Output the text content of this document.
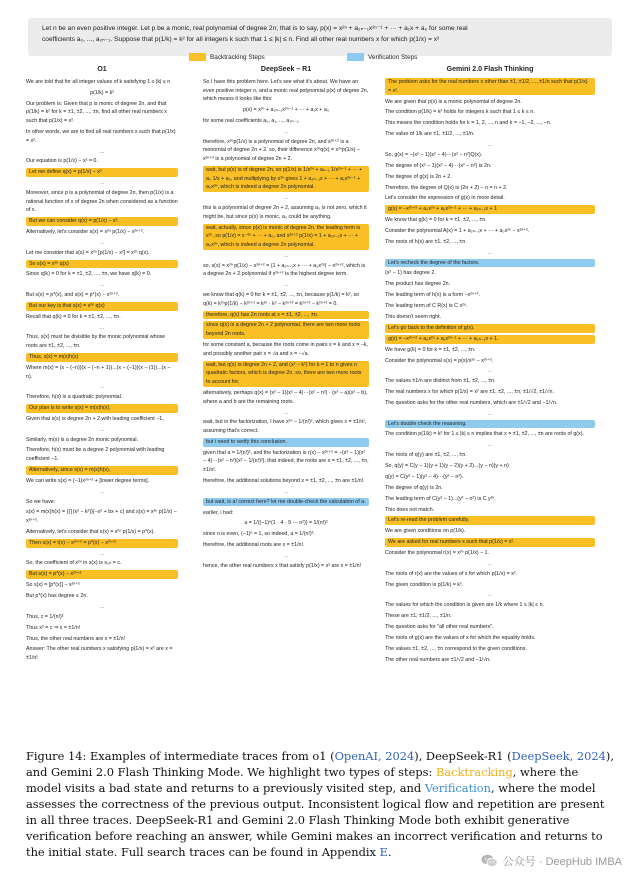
Let n be an even positive integer. Let p be a monic, real polynomial of degree 2n; that is to say, p(x) = x²ⁿ + a₂ₙ₋₁x²ⁿ⁻¹ + ··· + a₁x + a₀ for some real
coefficients a₀, ..., a₂ₙ₋₁. Suppose that p(1/k) = k² for all integers k such that 1 ≤ |k| ≤ n. Find all other real numbers x for which p(1/x) = x²
Backtracking Steps	Verification Steps
O1

We are told that for all integer values of k satisfying 1 ≤ |k| ≤ n

p(1/k) = k²

Our problem is: Given that p is monic of degree 2n, and that p(1/k) = k² for k = ±1, ±2, ..., ±n, find all other real numbers x such that p(1/x) = x².

In other words, we are to find all real numbers x such that p(1/x) = x².

...

Our equation is p(1/x) − x² = 0.

Let me define q(x) = p(1/x) − x²

...

Moreover, since p is a polynomial of degree 2n, then p(1/x) is a rational function of x of degree 2n when considered as a function of x.

But we can consider q(x) = p(1/x) − x².

Alternatively, let's consider s(x) = x²ⁿ p(1/x) − x²ⁿ⁺².

...

Let me consider that s(x) = x²ⁿ [p(1/x) − x²] = x²ⁿ q(x).

So s(x) = x²ⁿ q(x)

Since q(k) = 0 for k = ±1, ±2, ..., ±n, we have q(k) = 0.

...

But s(x) = p*(x), and s(x) = p*(x) − x²ⁿ⁺².

But our key is that s(x) = x²ⁿ q(x)

Recall that q(k) = 0 for k = ±1, ±2, ..., ±n.

...

Thus, s(x) must be divisible by the monic polynomial whose roots are ±1, ±2, ..., ±n.

Thus, s(x) = m(x)h(x)

Where m(x) = (x − (−n))(x − (−n + 1))...(x − (−1))(x − (1))...(x − n).

...

Therefore, h(x) is a quadratic polynomial.

Our plan is to write s(x) = m(x)h(x).

Given that s(x) is degree 2n + 2 with leading coefficient −1,

...

Similarly, m(x) is a degree 2n monic polynomial.

Therefore, h(x) must be a degree 2 polynomial with leading coefficient −1.

Alternatively, since s(x) = m(x)h(x),

We can write s(x) = (−1)x²ⁿ⁺² + [lower degree terms].

...

So we have:

s(x) = m(x)h(x) = (∏(x² − k²))(−x² + bx + c) and s(x) = x²ⁿ p(1/x) − x²ⁿ⁺².

Alternatively, let's consider that s(x) = x²ⁿ p(1/x) = p*(x).

Then s(x) = t(x) − x²ⁿ⁺² = p*(x) − x²ⁿ⁺²

...

So, the coefficient of x²ⁿ in s(x) is s₂ₙ = c.

But s(x) = p*(x) − x²ⁿ⁺²

So s(x) = [p*(x)] − x²ⁿ⁺²

But p*(x) has degree ≤ 2n.

...

Thus, c = 1/(n!)²

Thus x² = c ⇒ x = ±1/n!

Thus, the other real numbers are x = ±1/n!

Answer: The other real numbers x satisfying p(1/x) = x² are x = ±1/n!

DeepSeek – R1

So I have this problem here. Let's see what it's about. We have an even positive integer n, and a monic real polynomial p(x) of degree 2n, which means it looks like this:

p(x) = x²ⁿ + a₂ₙ₋₁x²ⁿ⁻¹ + ··· + a₁x + a₀

for some real coefficients a₀, a₁, ..., a₂ₙ₋₁.

...

therefore, x²ⁿp(1/x) is a polynomial of degree 2n, and x²ⁿ⁺² is a monomial of degree 2n + 2. so, their difference x²ⁿq(x) = x²ⁿp(1/x) − x²ⁿ⁺² is a polynomial of degree 2n + 2.

wait, but p(x) is of degree 2n, so p(1/x) is 1/x²ⁿ + aₙ₋₁ 1/x²ⁿ⁻¹ + ··· + a₀ 1/x + a₀, and multiplying by x²ⁿ gives 1 + a₂ₙ₋₁x + ··· + a₁x²ⁿ⁻¹ + a₀x²ⁿ, which is indeed a degree 2n polynomial.

...

this is a polynomial of degree 2n + 2, assuming a₀ is not zero, which it might be, but since p(x) is monic, a₀ could be anything.

wait, actually, since p(x) is monic of degree 2n, the leading term is x²ⁿ, so p(1/x) = x⁻²ⁿ + ··· + a₀, and x²ⁿ⁺² p(1/x) = 1 + a₂ₙ₋₁x + ··· + a₀x²ⁿ, which is indeed a degree 2n polynomial.

...

so, s(x) = x²ⁿ p(1/x) − x²ⁿ⁺² = (1 + a₂ₙ₋₁x + ··· + a₀x²ⁿ) − x²ⁿ⁺², which is a degree 2n + 2 polynomial if x²ⁿ⁺² is the highest degree term.

...

we know that q(k) = 0 for k = ±1, ±2, ..., ±n, because p(1/k) = k², so q(k) = k²ⁿp(1/k) − k²ⁿ⁺² = k²ⁿ · k² − k²ⁿ⁺² = k²ⁿ⁺² − k²ⁿ⁺² = 0.

therefore, q(x) has 2n roots at x = ±1, ±2, ..., ±n.

since q(x) is a degree 2n + 2 polynomial, there are two more roots beyond 2n roots.

for some constant a, because the roots come in pairs x = k and x = −k, and possibly another pair x = √a and x = −√a.

wait, but q(x) is degree 2n + 2, and (x² − k²) for k = 1 to n gives n quadratic factors, which is degree 2n. so, there are two more roots to account for.

alternatively, perhaps q(x) = (x² − 1)(x² − 4)···(x² − n²) · (x² − a)(x² − b), where a and b are the remaining roots.

...

wait, but in the factorization, I have x²ⁿ − 1/(n!)², which gives x = ±1/n!, assuming that's correct.

but i need to verify this conclusion.

given that a = 1/(n!)², and the factorization is r(x) − x²ⁿ⁺² = −(x² − 1)(x² − 4)···(x² − n²)(x² − 1/(n!)²), that indeed, the roots are x = ±1, ±2, ..., ±n, ±1/n!.

therefore, the additional solutions beyond x = ±1, ±2, ..., ±n are ±1/n!.

...

but wait, is a! correct here? let me double-check the calculation of a.

earlier, i had:

a = 1/((−1)ⁿ(1 · 4 · 9 ··· n²)) = 1/(n!)²

since n is even, (−1)ⁿ = 1, so indeed, a = 1/(n!)².

therefore, the additional roots are x = ±1/n!.

...

hence, the other real numbers x that satisfy p(1/x) = x² are x = ±1/n!

Gemini 2.0 Flash Thinking

The problem asks for the real numbers x other than ±1, ±1/2, ..., ±1/n such that p(1/x) = x².

We are given that p(x) is a monic polynomial of degree 2n.

The condition p(1/k) = k² holds for integers k such that 1 ≤ k ≤ n.

This means the condition holds for k = 1, 2, ..., n and k = −1, −2, ..., −n.

The value of 1/k are ±1, ±1/2, ..., ±1/n.

...

So, g(x) = −(x² − 1)(x² − 4)···(x² − n²)Q(x).

The degree of (x² − 1)(x² − 4)···(x² − n²) is 2n.

The degree of g(x) is 2n + 2.

Therefore, the degree of Q(x) is (2n + 2) − n = n + 2.

Let's consider the expression of g(x) in more detail.

g(x) = −x²ⁿ⁺² + a₀x²ⁿ + a₁x²ⁿ⁻¹ + ··· + a₂ₙ₋₁x + 1

We know that g(k) = 0 for k = ±1, ±2, ..., ±n.

Consider the polynomial A(x) = 1 + a₂ₙ₋₁x + ··· + a₀x²ⁿ − x²ⁿ⁺².

The roots of h(x) are ±1, ±2, ..., ±n.

...

Let's recheck the degree of the factors.

(x² − 1) has degree 2.

The product has degree 2n.

The leading term of h(x) is a form −x²ⁿ⁺².

The leading term of C R(x) is C x²ⁿ.

This doesn't seem right.

Let's go back to the definition of g(x).

g(x) = −x²ⁿ⁺² + a₀x²ⁿ + a₁x²ⁿ⁻¹ + ··· + a₂ₙ₋₁x + 1.

We have g(k) = 0 for k = ±1, ±2, ..., ±n.

Consider the polynomial s(x) = p(x)/x²ⁿ − x²ⁿ⁺².

...

The values ±1/n are distinct from ±1, ±2, ..., ±n.

The real numbers x for which p(1/x) = x² are ±1, ±2, ..., ±n, ±1/√2, ±1/√n.

The question asks for the other real numbers, which are ±1/√2 and −1/√n.

...

Let's double check the reasoning.

The condition p(1/k) = k² for 1 ≤ |k| ≤ n implies that x = ±1, ±2, ..., ±n are roots of g(x).

...

The roots of q(y) are ±1, ±2, ..., ±n.

So, q(y) = C(y − 1)(y + 1)(y − 2)(y + 2)...(y − n)(y + n)

q(y) = C(y² − 1)(y² − 4)···(y² − n²).

The degree of q(y) is 2n.

The leading term of C(y² − 1)...(y² − n²) is C y²ⁿ.

This does not match.

Let's re-read the problem carefully.

We are given conditions on p(1/k).

We are asked for real numbers x such that p(1/x) = x².

Consider the polynomial r(x) = x²ⁿ p(1/x) − 1.

...

The roots of r(x) are the values of x for which p(1/x) = x².

The given condition is p(1/k) = k².

...

The values for which the condition is given are 1/k where 1 ≤ |k| ≤ n.

These are ±1, ±1/2, ..., ±1/n.

The question asks for "all other real numbers".

The roots of g(x) are the values of x for which the equality holds.

The values ±1, ±2, ..., ±n correspond to the given conditions.

The other real numbers are ±1/√2 and −1/√n.

Figure 14: Examples of intermediate traces from o1 (OpenAI, 2024), DeepSeek-R1 (DeepSeek, 2024), and Gemini 2.0 Flash Thinking Mode. We highlight two types of steps: Backtracking, where the model visits a bad state and returns to a previously visited step, and Verification, where the model assesses the correctness of the previous output. Inconsistent logical flow and repetition are present in all three traces. DeepSeek-R1 and Gemini 2.0 Flash Thinking Mode both exhibit generative verification before reaching an answer, while Gemini makes an incorrect verification and returns to the initial state. Full search traces can be found in Appendix E.
公众号 · DeepHub IMBA
